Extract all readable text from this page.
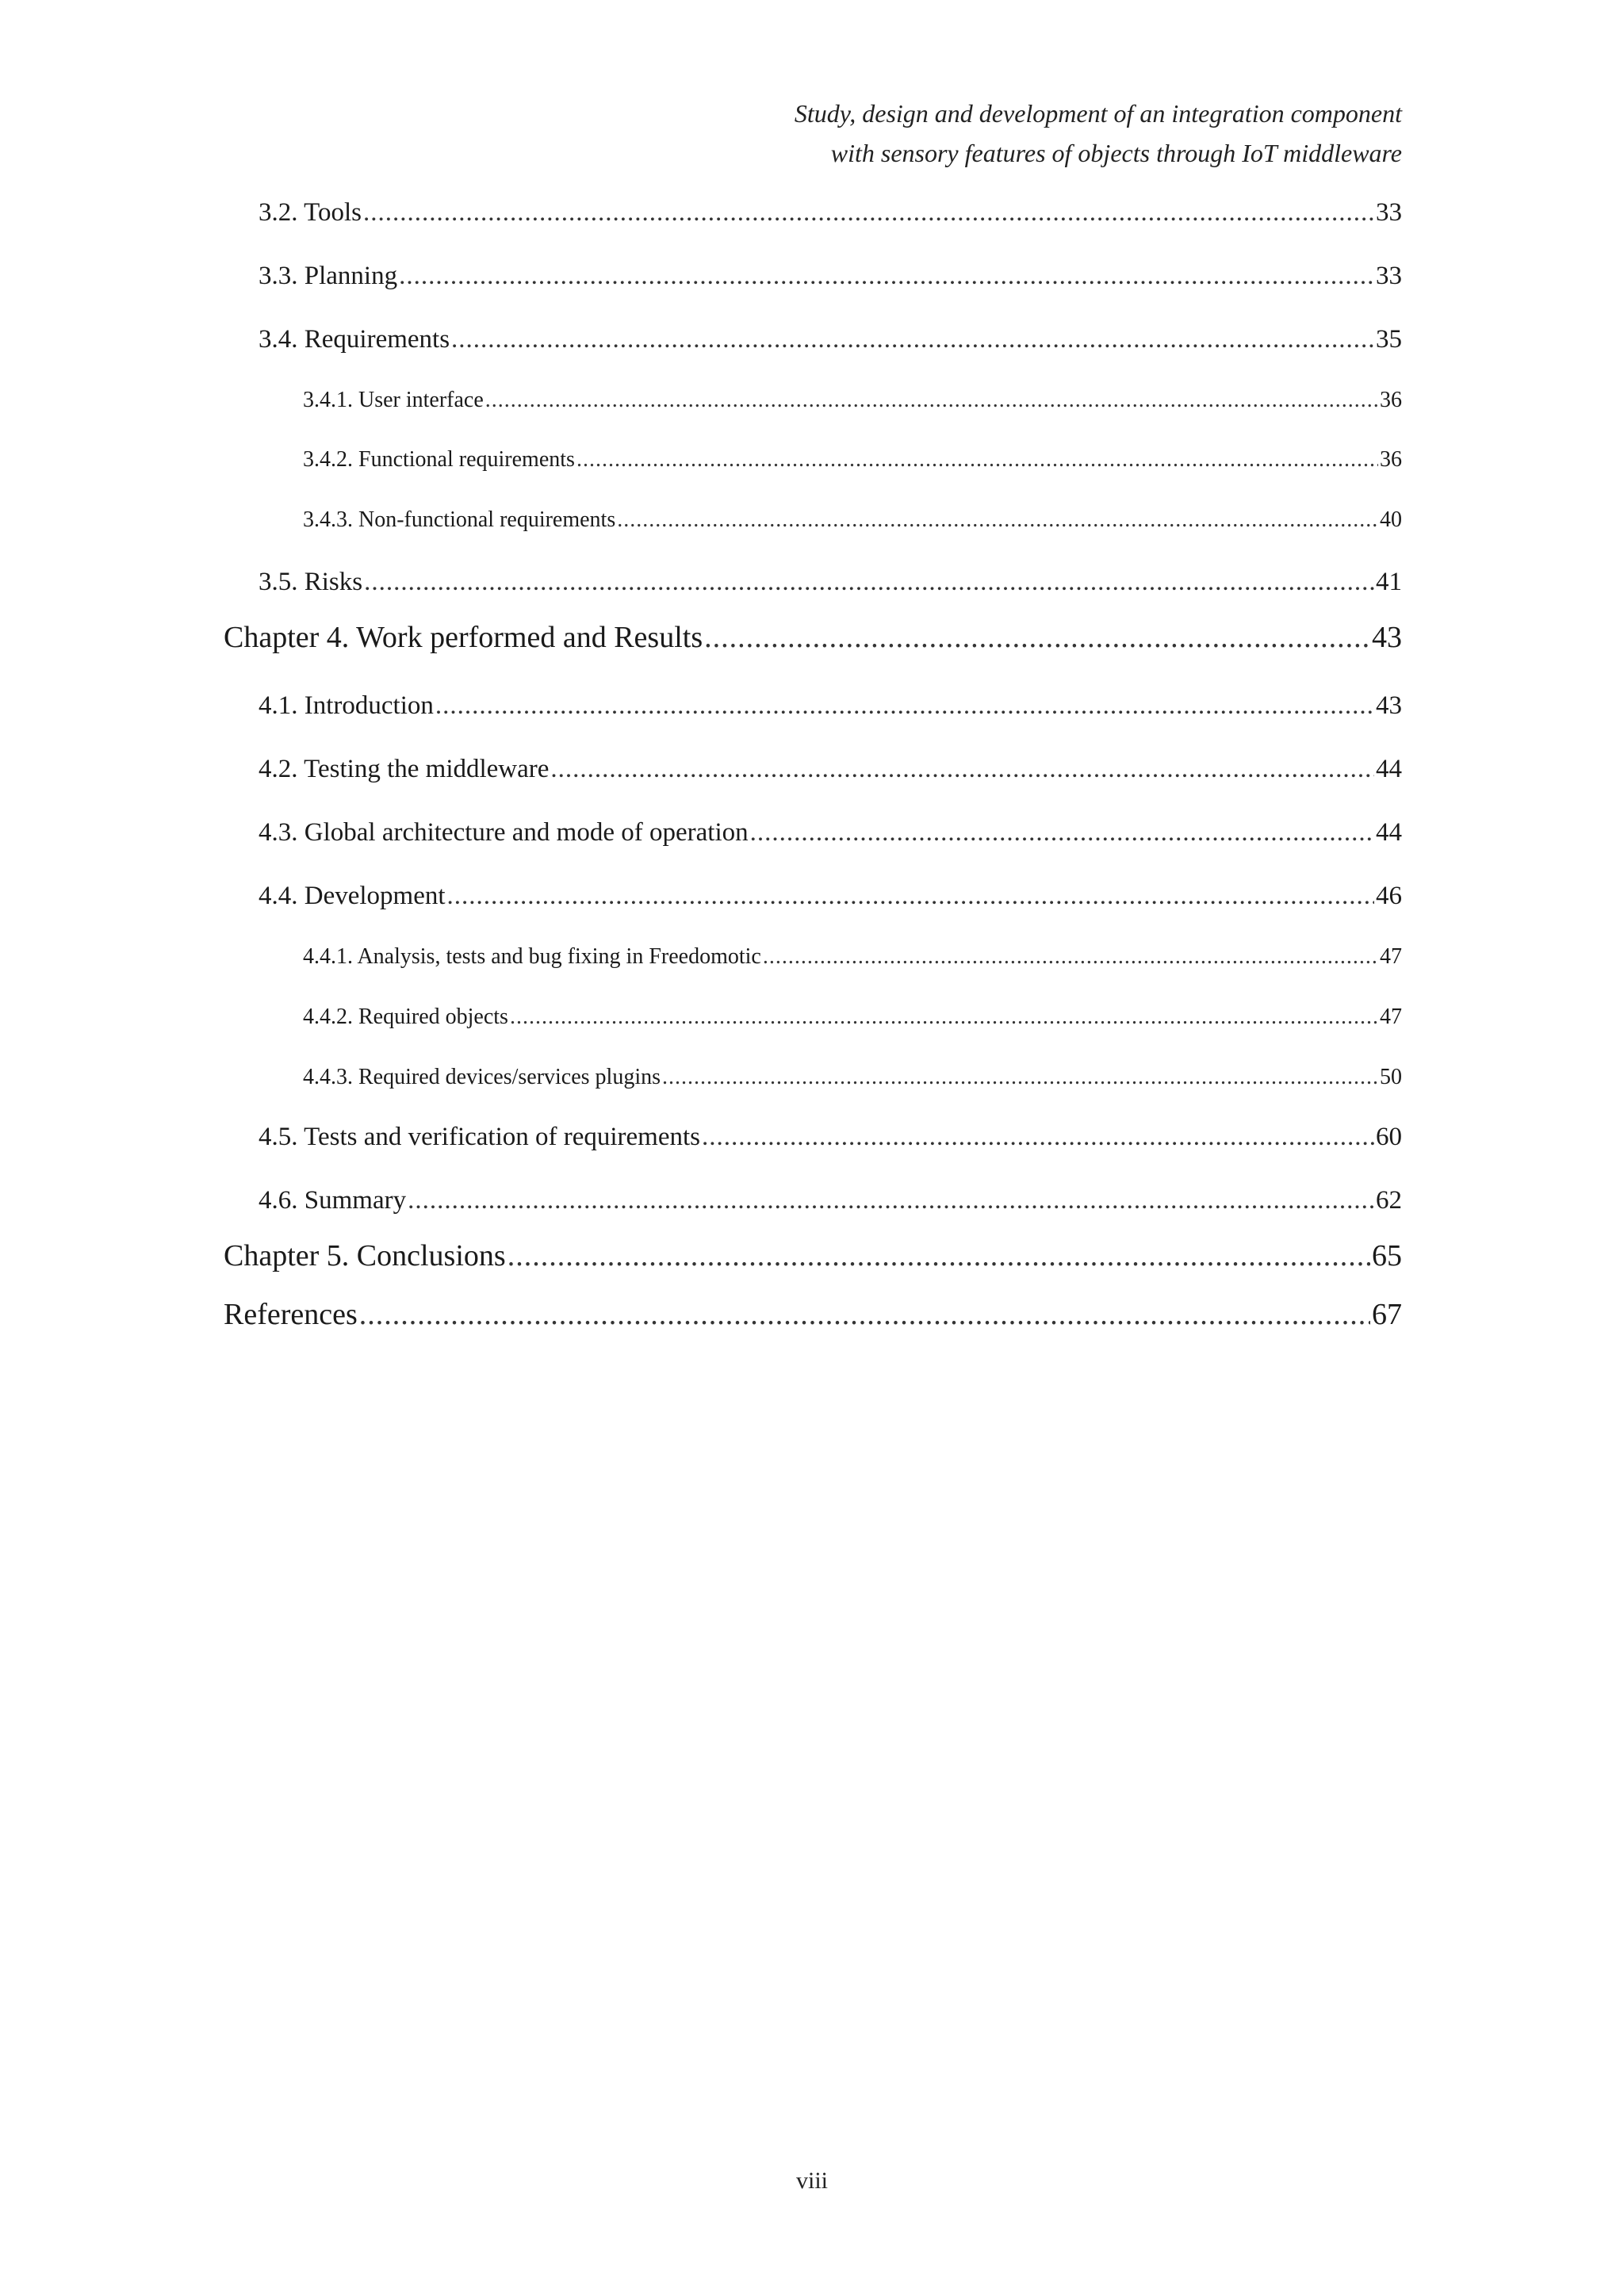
Study, design and development of an integration component
with sensory features of objects through IoT middleware
3.2. Tools .....	33
3.3. Planning .....	33
3.4. Requirements .....	35
3.4.1. User interface .....	36
3.4.2. Functional requirements .....	36
3.4.3. Non-functional requirements .....	40
3.5. Risks .....	41
Chapter 4. Work performed and Results .....	43
4.1. Introduction .....	43
4.2. Testing the middleware .....	44
4.3. Global architecture and mode of operation .....	44
4.4. Development .....	46
4.4.1. Analysis, tests and bug fixing in Freedomotic .....	47
4.4.2. Required objects .....	47
4.4.3. Required devices/services plugins .....	50
4.5. Tests and verification of requirements .....	60
4.6. Summary .....	62
Chapter 5. Conclusions .....	65
References .....	67
viii
